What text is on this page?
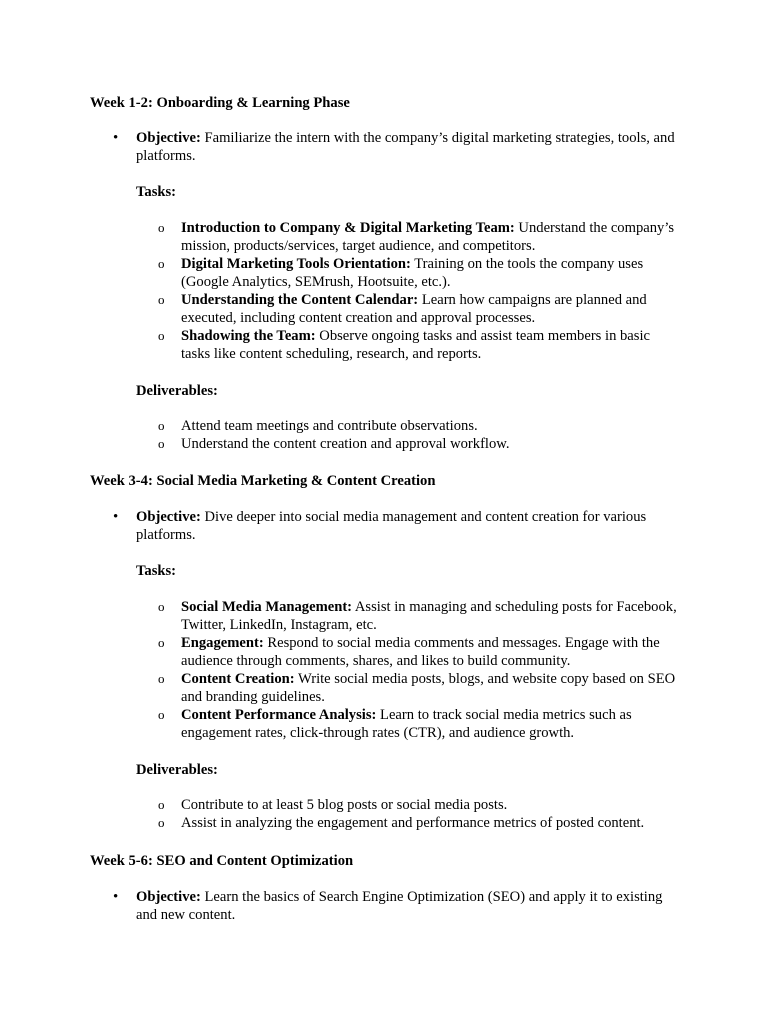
Week 1-2: Onboarding & Learning Phase
• Objective: Familiarize the intern with the company’s digital marketing strategies, tools, and platforms.
Tasks:
o Introduction to Company & Digital Marketing Team: Understand the company’s mission, products/services, target audience, and competitors.
o Digital Marketing Tools Orientation: Training on the tools the company uses (Google Analytics, SEMrush, Hootsuite, etc.).
o Understanding the Content Calendar: Learn how campaigns are planned and executed, including content creation and approval processes.
o Shadowing the Team: Observe ongoing tasks and assist team members in basic tasks like content scheduling, research, and reports.
Deliverables:
o Attend team meetings and contribute observations.
o Understand the content creation and approval workflow.
Week 3-4: Social Media Marketing & Content Creation
• Objective: Dive deeper into social media management and content creation for various platforms.
Tasks:
o Social Media Management: Assist in managing and scheduling posts for Facebook, Twitter, LinkedIn, Instagram, etc.
o Engagement: Respond to social media comments and messages. Engage with the audience through comments, shares, and likes to build community.
o Content Creation: Write social media posts, blogs, and website copy based on SEO and branding guidelines.
o Content Performance Analysis: Learn to track social media metrics such as engagement rates, click-through rates (CTR), and audience growth.
Deliverables:
o Contribute to at least 5 blog posts or social media posts.
o Assist in analyzing the engagement and performance metrics of posted content.
Week 5-6: SEO and Content Optimization
• Objective: Learn the basics of Search Engine Optimization (SEO) and apply it to existing and new content.
